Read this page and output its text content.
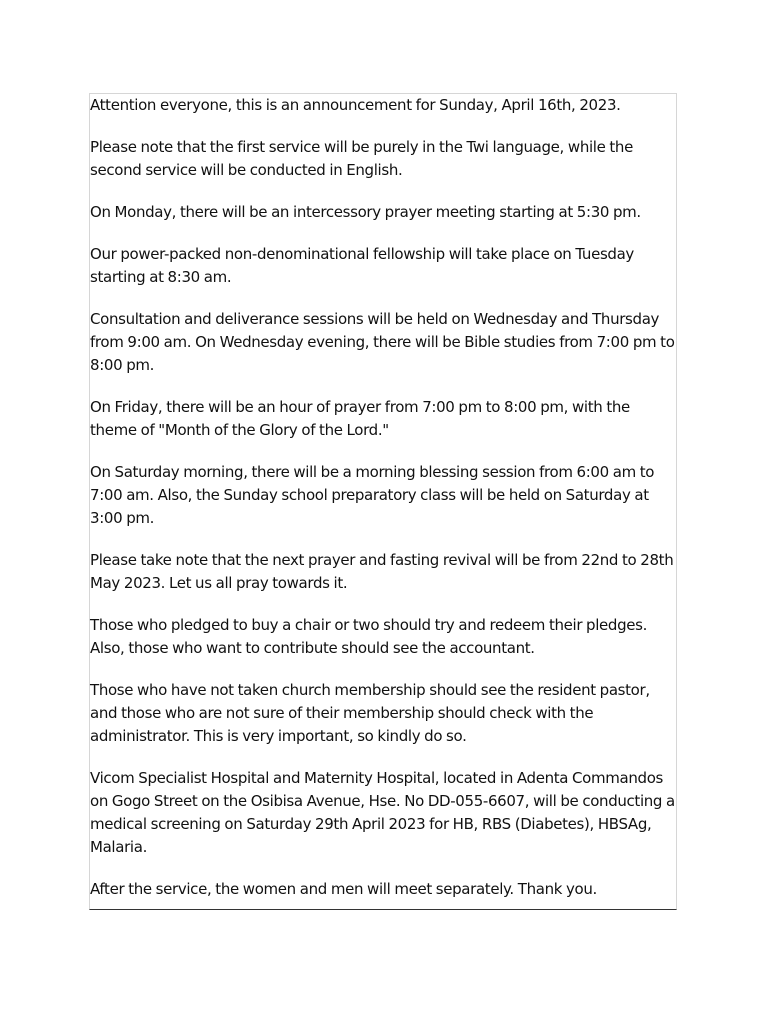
Attention everyone, this is an announcement for Sunday, April 16th, 2023.

Please note that the first service will be purely in the Twi language, while the second service will be conducted in English.

On Monday, there will be an intercessory prayer meeting starting at 5:30 pm.

Our power-packed non-denominational fellowship will take place on Tuesday starting at 8:30 am.

Consultation and deliverance sessions will be held on Wednesday and Thursday from 9:00 am. On Wednesday evening, there will be Bible studies from 7:00 pm to 8:00 pm.

On Friday, there will be an hour of prayer from 7:00 pm to 8:00 pm, with the theme of "Month of the Glory of the Lord."

On Saturday morning, there will be a morning blessing session from 6:00 am to 7:00 am. Also, the Sunday school preparatory class will be held on Saturday at 3:00 pm.

Please take note that the next prayer and fasting revival will be from 22nd to 28th May 2023. Let us all pray towards it.

Those who pledged to buy a chair or two should try and redeem their pledges. Also, those who want to contribute should see the accountant.

Those who have not taken church membership should see the resident pastor, and those who are not sure of their membership should check with the administrator. This is very important, so kindly do so.

Vicom Specialist Hospital and Maternity Hospital, located in Adenta Commandos on Gogo Street on the Osibisa Avenue, Hse. No DD-055-6607, will be conducting a medical screening on Saturday 29th April 2023 for HB, RBS (Diabetes), HBSAg, Malaria.

After the service, the women and men will meet separately. Thank you.
